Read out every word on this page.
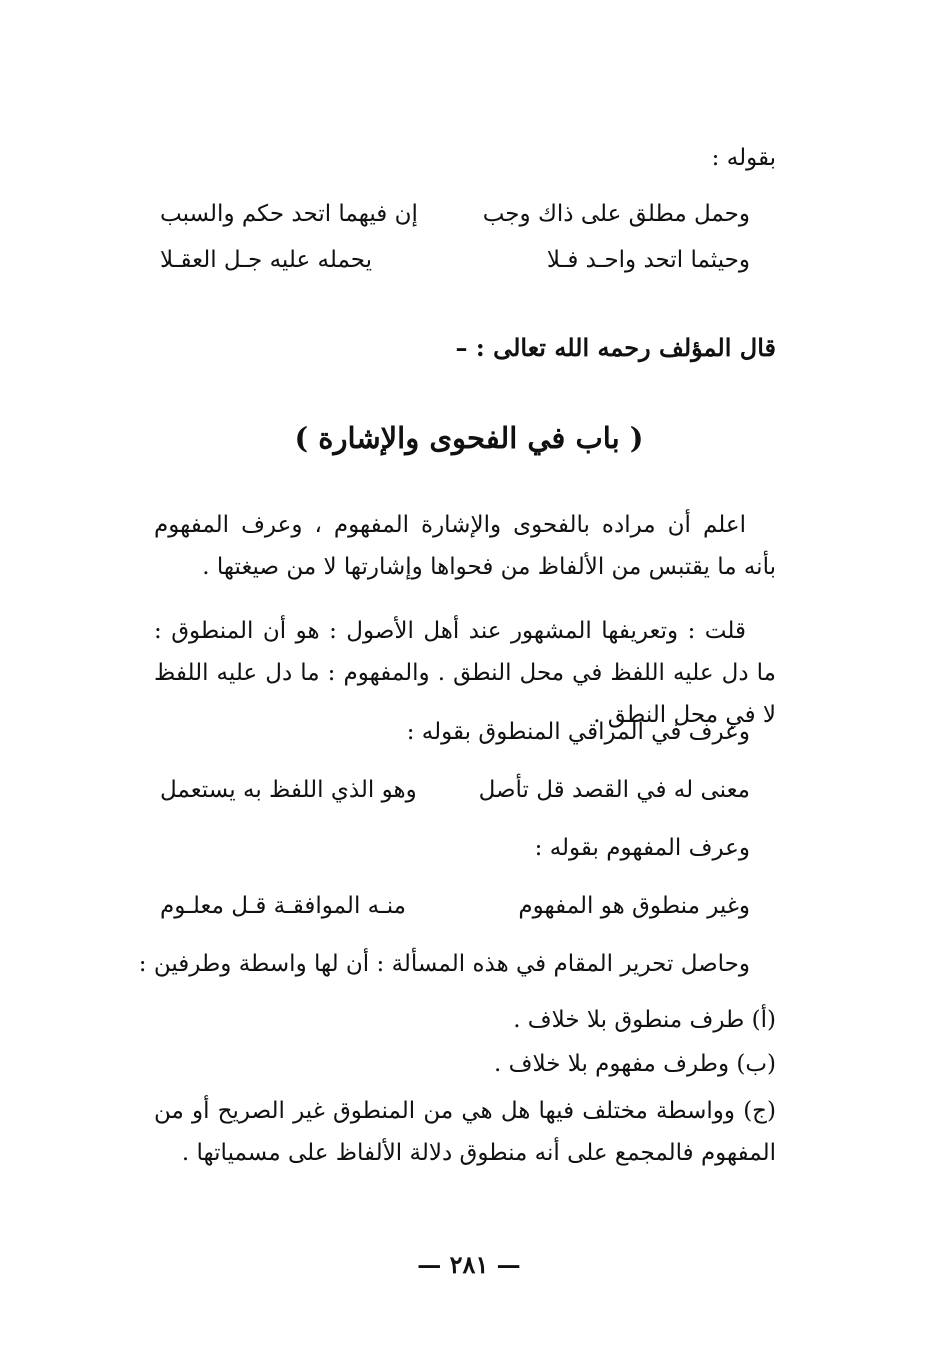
بقوله :
وحمل مطلق على ذاك وجب
إن فيهما اتحد حكم والسبب
وحيثما اتحد واحـد فـلا
يحمله عليه جـل العقـلا
قال المؤلف رحمه الله تعالى : –
( باب في الفحوى والإشارة )
اعلم أن مراده بالفحوى والإشارة المفهوم ، وعرف المفهوم بأنه ما يقتبس من الألفاظ من فحواها وإشارتها لا من صيغتها .
قلت : وتعريفها المشهور عند أهل الأصول : هو أن المنطوق : ما دل عليه اللفظ في محل النطق . والمفهوم : ما دل عليه اللفظ لا في محل النطق .
وعرف في المراقي المنطوق بقوله :
معنى له في القصد قل تأصل
وهو الذي اللفظ به يستعمل
وعرف المفهوم بقوله :
وغير منطوق هو المفهوم
منـه الموافقـة قـل معلـوم
وحاصل تحرير المقام في هذه المسألة : أن لها واسطة وطرفين :
(أ) طرف منطوق بلا خلاف .
(ب) وطرف مفهوم بلا خلاف .
(ج) وواسطة مختلف فيها هل هي من المنطوق غير الصريح أو من المفهوم فالمجمع على أنه منطوق دلالة الألفاظ على مسمياتها .
— ٢٨١ —
